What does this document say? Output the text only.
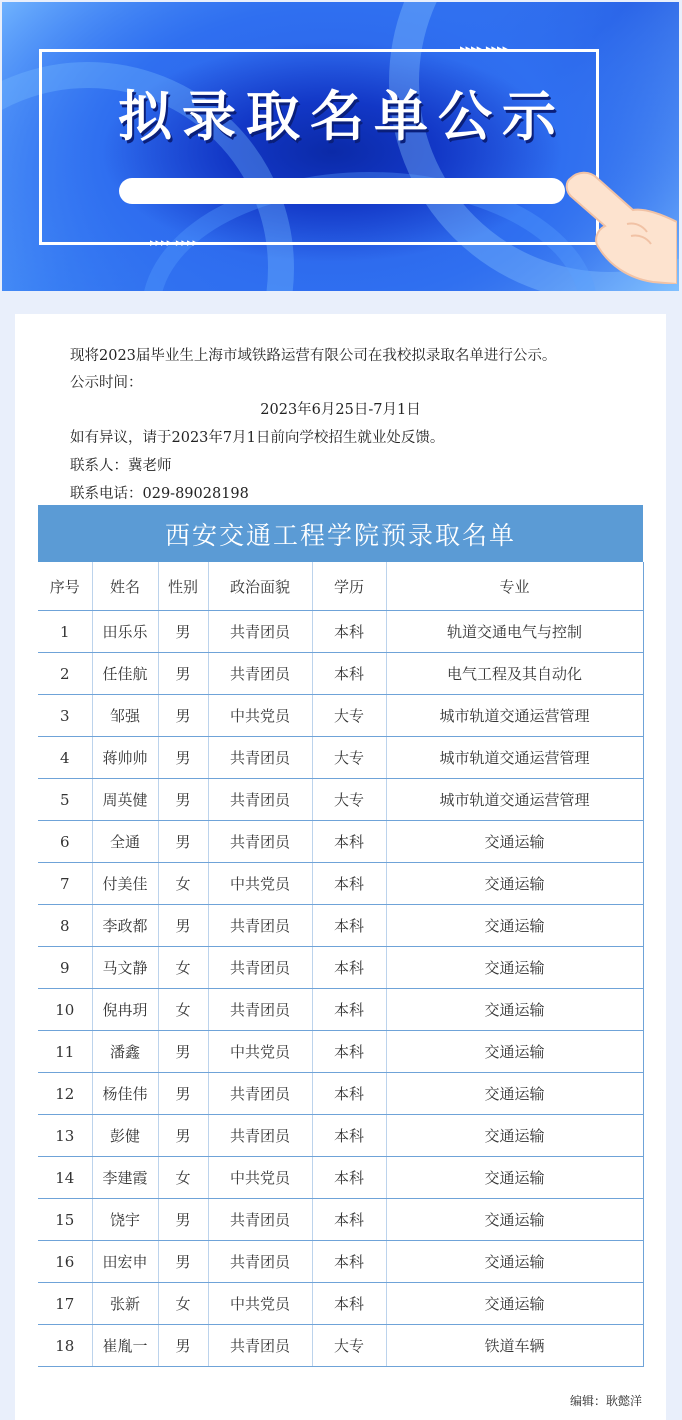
▸▸▸▸ ▸▸▸▸
▸▸▸▸ ▸▸▸▸
拟录取名单公示

现将2023届毕业生上海市域铁路运营有限公司在我校拟录取名单进行公示。

公示时间：

2023年6月25日-7月1日

如有异议，请于2023年7月1日前向学校招生就业处反馈。

联系人：冀老师

联系电话：029-89028198

西安交通工程学院预录取名单
序号	姓名	性别	政治面貌	学历	专业
1	田乐乐	男	共青团员	本科	轨道交通电气与控制
2	任佳航	男	共青团员	本科	电气工程及其自动化
3	邹强	男	中共党员	大专	城市轨道交通运营管理
4	蒋帅帅	男	共青团员	大专	城市轨道交通运营管理
5	周英健	男	共青团员	大专	城市轨道交通运营管理
6	全通	男	共青团员	本科	交通运输
7	付美佳	女	中共党员	本科	交通运输
8	李政都	男	共青团员	本科	交通运输
9	马文静	女	共青团员	本科	交通运输
10	倪冉玥	女	共青团员	本科	交通运输
11	潘鑫	男	中共党员	本科	交通运输
12	杨佳伟	男	共青团员	本科	交通运输
13	彭健	男	共青团员	本科	交通运输
14	李建霞	女	中共党员	本科	交通运输
15	饶宇	男	共青团员	本科	交通运输
16	田宏申	男	共青团员	本科	交通运输
17	张新	女	中共党员	本科	交通运输
18	崔胤一	男	共青团员	大专	铁道车辆
编辑：耿懿洋
